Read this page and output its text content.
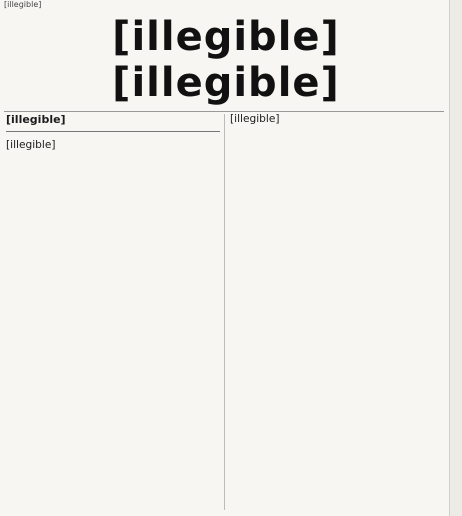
[illegible]
[illegible]
[illegible]
[illegible]

[illegible]

[illegible]
